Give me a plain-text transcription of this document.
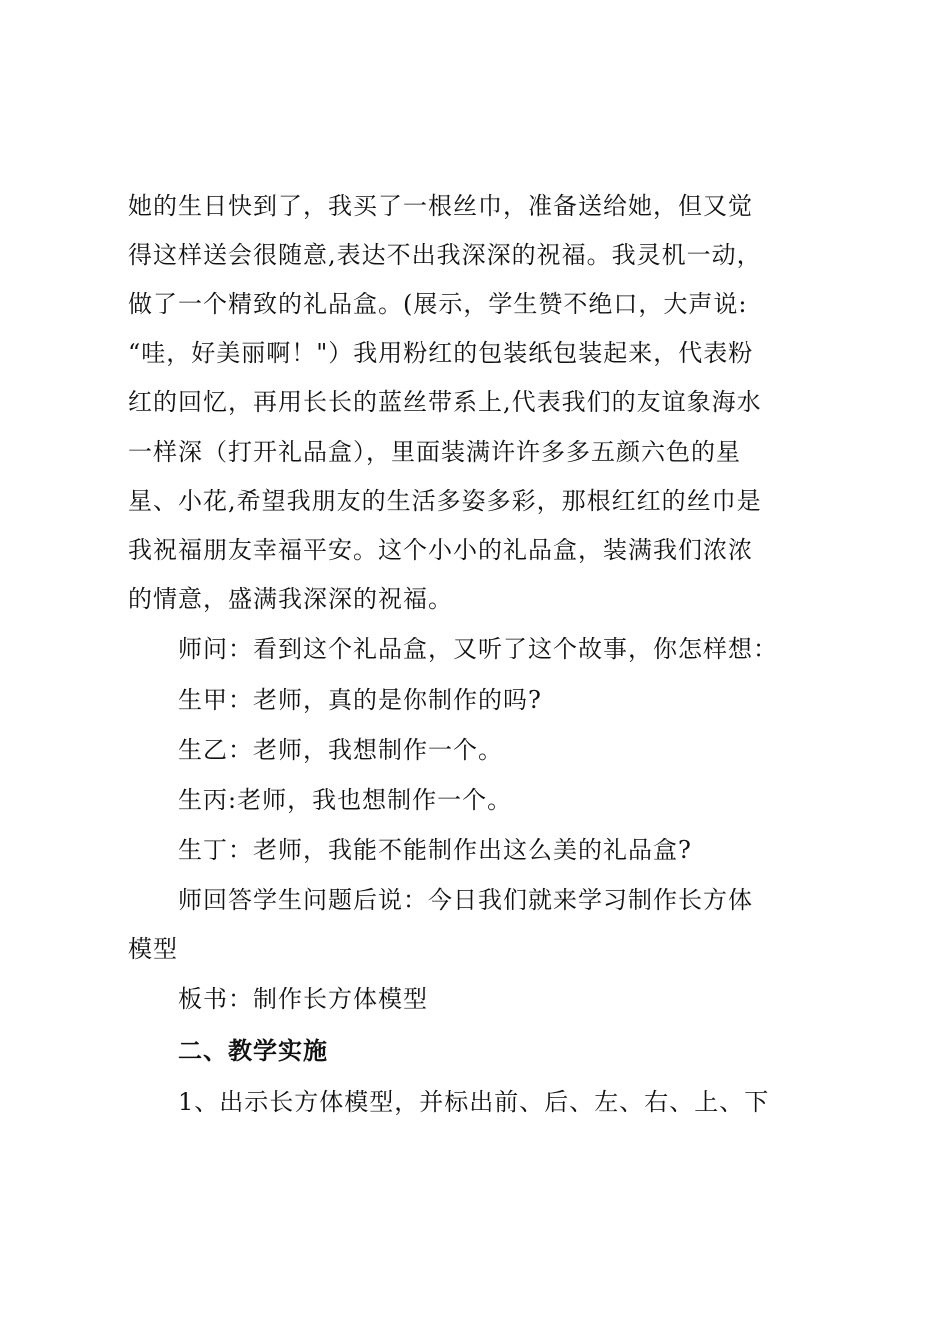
她的生日快到了，我买了一根丝巾，准备送给她，但又觉
得这样送会很随意,表达不出我深深的祝福。我灵机一动，
做了一个精致的礼品盒。(展示，学生赞不绝口，大声说:
“哇，好美丽啊！"）我用粉红的包装纸包装起来，代表粉
红的回忆，再用长长的蓝丝带系上,代表我们的友谊象海水
一样深（打开礼品盒），里面装满许许多多五颜六色的星
星、小花,希望我朋友的生活多姿多彩，那根红红的丝巾是
我祝福朋友幸福平安。这个小小的礼品盒，装满我们浓浓
的情意，盛满我深深的祝福。
师问：看到这个礼品盒，又听了这个故事，你怎样想：
生甲：老师，真的是你制作的吗?
生乙：老师，我想制作一个。
生丙:老师，我也想制作一个。
生丁：老师，我能不能制作出这么美的礼品盒?
师回答学生问题后说：今日我们就来学习制作长方体
模型
板书：制作长方体模型
二、教学实施
1、出示长方体模型，并标出前、后、左、右、上、下
